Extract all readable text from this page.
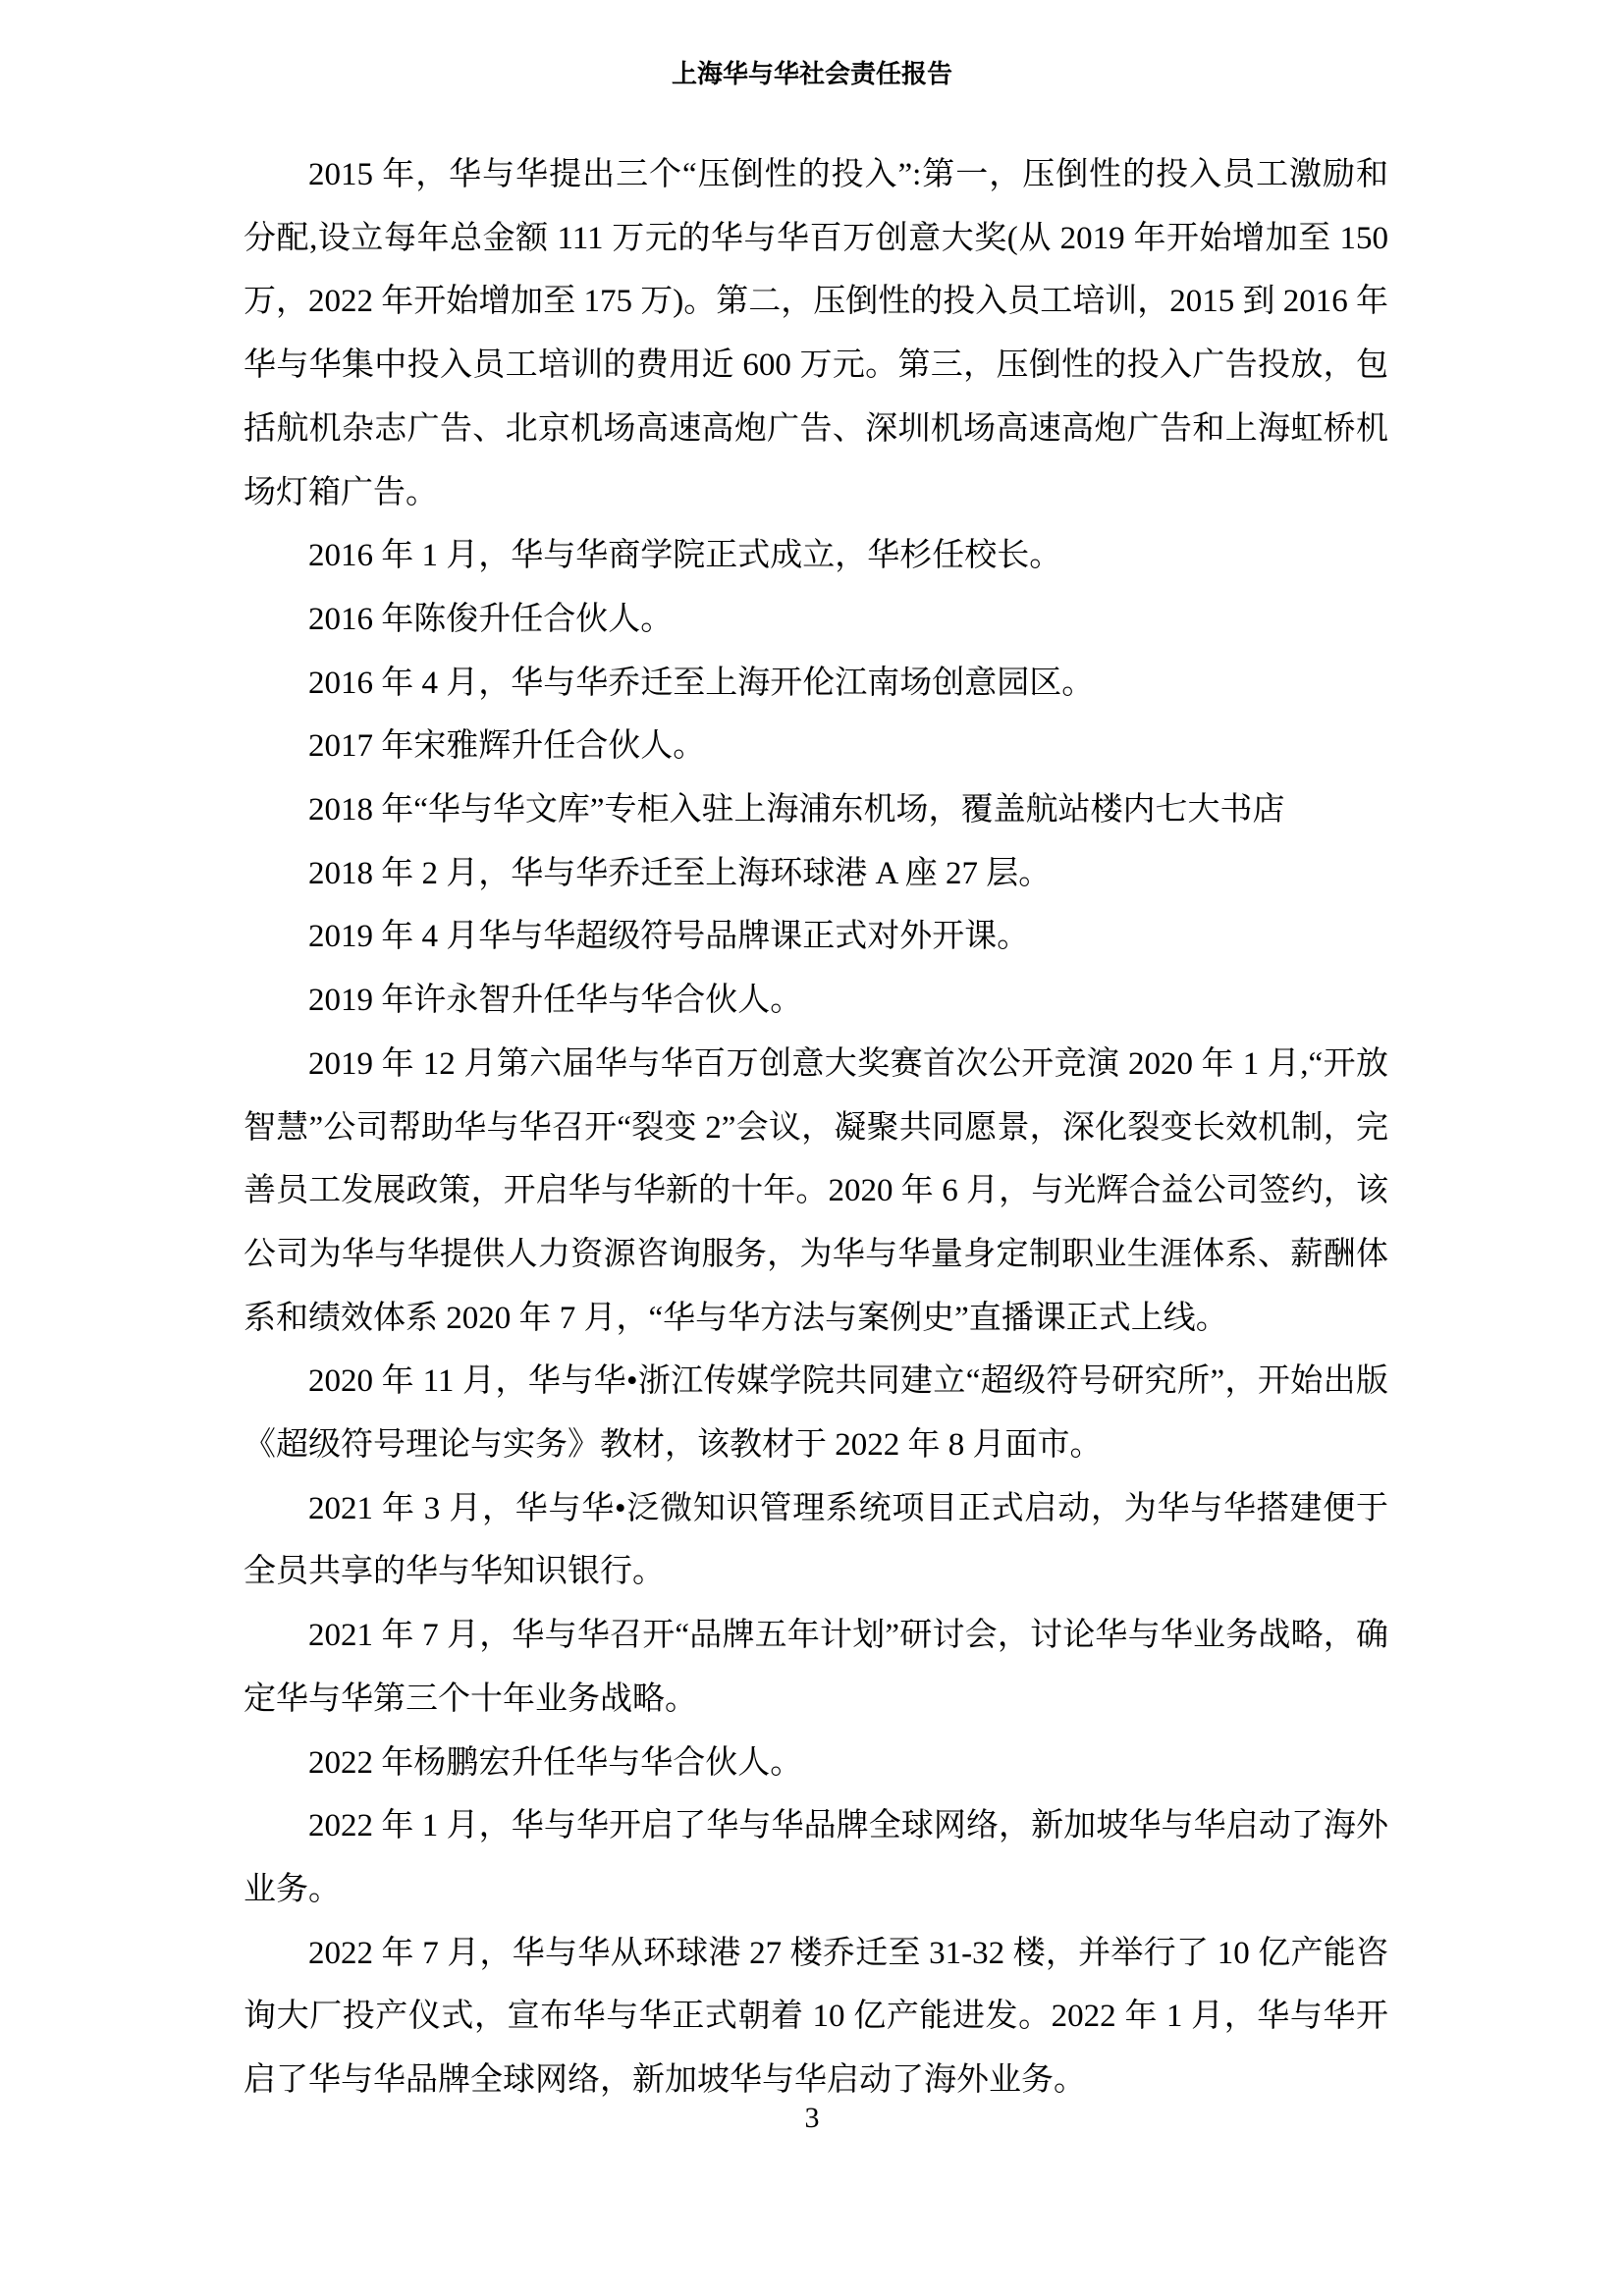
上海华与华社会责任报告

2015 年，华与华提出三个“压倒性的投入”:第一，压倒性的投入员工激励和分配,设立每年总金额 111 万元的华与华百万创意大奖(从 2019 年开始增加至 150 万，2022 年开始增加至 175 万)。第二，压倒性的投入员工培训，2015 到 2016 年华与华集中投入员工培训的费用近 600 万元。第三，压倒性的投入广告投放，包括航机杂志广告、北京机场高速高炮广告、深圳机场高速高炮广告和上海虹桥机场灯箱广告。

2016 年 1 月，华与华商学院正式成立，华杉任校长。

2016 年陈俊升任合伙人。

2016 年 4 月，华与华乔迁至上海开伦江南场创意园区。

2017 年宋雅辉升任合伙人。

2018 年“华与华文库”专柜入驻上海浦东机场，覆盖航站楼内七大书店

2018 年 2 月，华与华乔迁至上海环球港 A 座 27 层。

2019 年 4 月华与华超级符号品牌课正式对外开课。

2019 年许永智升任华与华合伙人。

2019 年 12 月第六届华与华百万创意大奖赛首次公开竞演 2020 年 1 月,“开放智慧”公司帮助华与华召开“裂变 2”会议，凝聚共同愿景，深化裂变长效机制，完善员工发展政策，开启华与华新的十年。2020 年 6 月，与光辉合益公司签约，该公司为华与华提供人力资源咨询服务，为华与华量身定制职业生涯体系、薪酬体系和绩效体系 2020 年 7 月，“华与华方法与案例史”直播课正式上线。

2020 年 11 月，华与华•浙江传媒学院共同建立“超级符号研究所”，开始出版《超级符号理论与实务》教材，该教材于 2022 年 8 月面市。

2021 年 3 月，华与华•泛微知识管理系统项目正式启动，为华与华搭建便于全员共享的华与华知识银行。

2021 年 7 月，华与华召开“品牌五年计划”研讨会，讨论华与华业务战略，确定华与华第三个十年业务战略。

2022 年杨鹏宏升任华与华合伙人。

2022 年 1 月，华与华开启了华与华品牌全球网络，新加坡华与华启动了海外业务。

2022 年 7 月，华与华从环球港 27 楼乔迁至 31-32 楼，并举行了 10 亿产能咨询大厂投产仪式，宣布华与华正式朝着 10 亿产能进发。2022 年 1 月，华与华开启了华与华品牌全球网络，新加坡华与华启动了海外业务。

3
